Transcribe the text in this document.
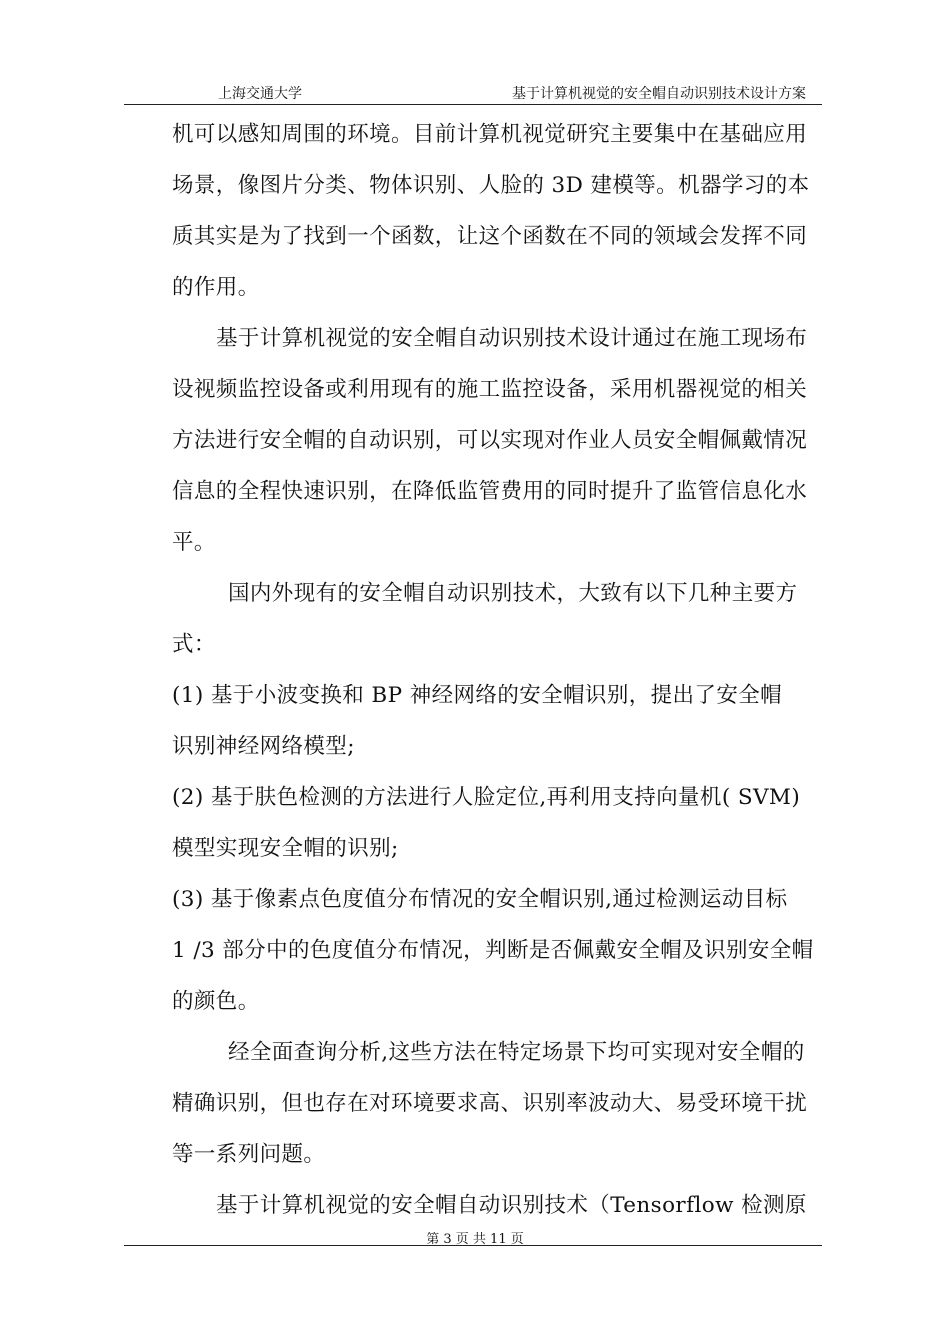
上海交通大学	基于计算机视觉的安全帽自动识别技术设计方案
机可以感知周围的环境。目前计算机视觉研究主要集中在基础应用
场景，像图片分类、物体识别、人脸的 3D 建模等。机器学习的本
质其实是为了找到一个函数，让这个函数在不同的领域会发挥不同
的作用。
基于计算机视觉的安全帽自动识别技术设计通过在施工现场布
设视频监控设备或利用现有的施工监控设备，采用机器视觉的相关
方法进行安全帽的自动识别，可以实现对作业人员安全帽佩戴情况
信息的全程快速识别，在降低监管费用的同时提升了监管信息化水
平。
国内外现有的安全帽自动识别技术，大致有以下几种主要方
式：
(1) 基于小波变换和 BP 神经网络的安全帽识别，提出了安全帽
识别神经网络模型;
(2) 基于肤色检测的方法进行人脸定位,再利用支持向量机( SVM)
模型实现安全帽的识别;
(3) 基于像素点色度值分布情况的安全帽识别,通过检测运动目标
1 /3 部分中的色度值分布情况，判断是否佩戴安全帽及识别安全帽
的颜色。
经全面查询分析,这些方法在特定场景下均可实现对安全帽的
精确识别，但也存在对环境要求高、识别率波动大、易受环境干扰
等一系列问题。
基于计算机视觉的安全帽自动识别技术（Tensorflow 检测原
第 3 页 共 11 页
